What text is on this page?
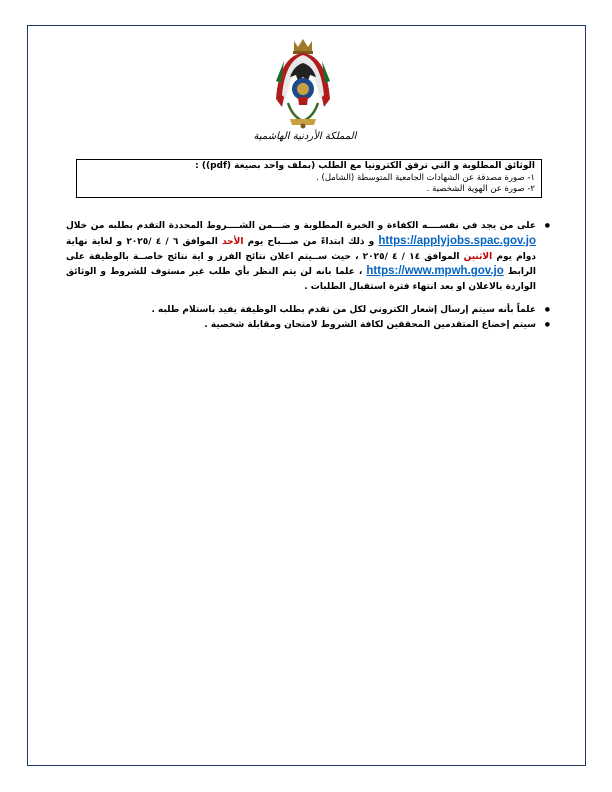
المملكة الأردنية الهاشمية
الوثائق المطلوبة و التي ترفق الكترونيا مع الطلب (بملف واحد بصيغة (pdf)) :
١- صورة مصدقة عن الشهادات الجامعية المتوسطة (الشامل) .
٢- صورة عن الهوية الشخصية .
● على من يجد في نفســــه الكفاءة و الخبرة المطلوبة و ضـــمن الشــــروط المحددة التقدم بطلبه من خلال https://applyjobs.spac.gov.jo و ذلك ابتداءً من صـــباح يوم الأحد الموافق ٦ / ٤ /٢٠٢٥ و لغاية نهاية دوام يوم الاثنين الموافق ١٤ / ٤ /٢٠٢٥ ، حيث ســيتم اعلان نتائج الفرز و اية نتائج خاصــة بالوظيفة على الرابط https://www.mpwh.gov.jo ، علما بانه لن يتم النظر بأي طلب غير مستوف للشروط و الوثائق الواردة بالاعلان او بعد انتهاء فترة استقبال الطلبات .
● علماً بأنه سيتم إرسال إشعار الكتروني لكل من تقدم بطلب الوظيفة يفيد باستلام طلبه .
● سيتم إخضاع المتقدمين المحققين لكافة الشروط لامتحان ومقابلة شخصية .
